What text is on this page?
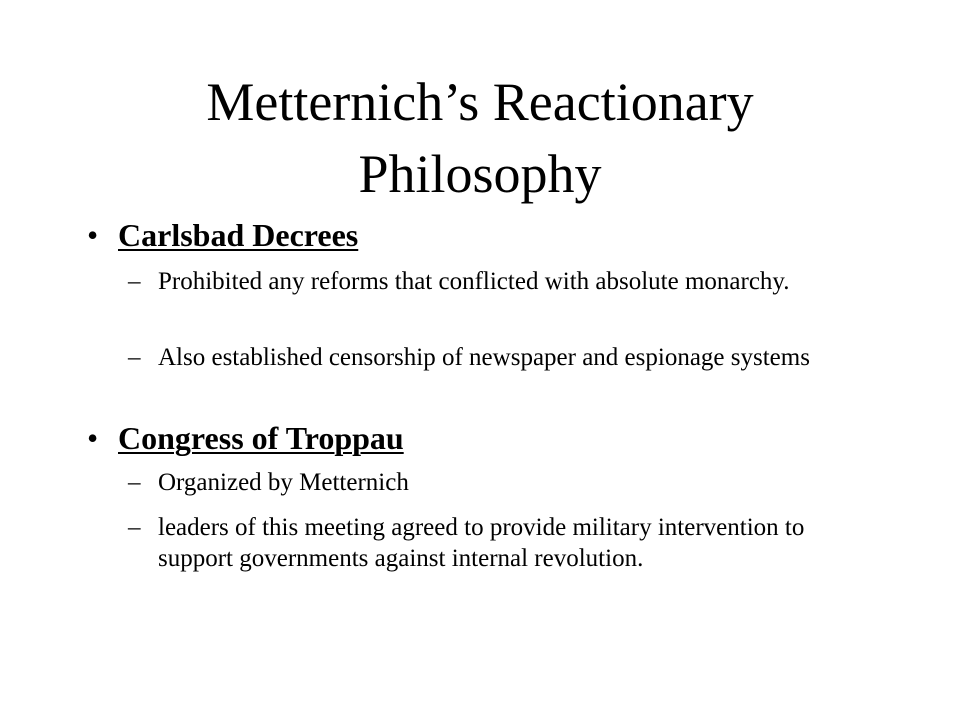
Metternich’s Reactionary
Philosophy
• Carlsbad Decrees
– Prohibited any reforms that conflicted with absolute monarchy.
– Also established censorship of newspaper and espionage systems
• Congress of Troppau
– Organized by Metternich
– leaders of this meeting agreed to provide military intervention to support governments against internal revolution.
